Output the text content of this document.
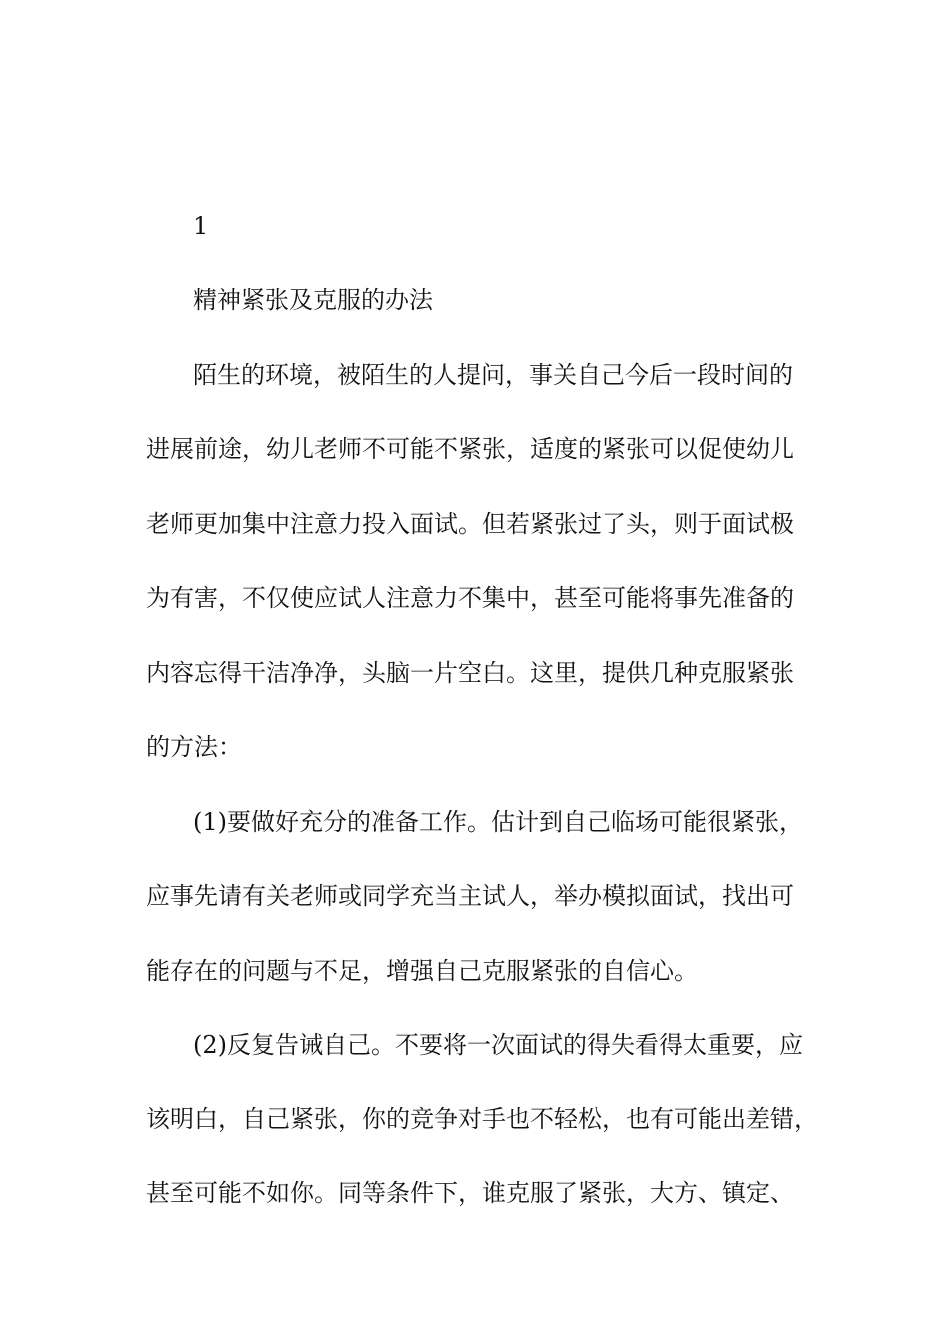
1
精神紧张及克服的办法
陌生的环境，被陌生的人提问，事关自己今后一段时间的
进展前途，幼儿老师不可能不紧张，适度的紧张可以促使幼儿
老师更加集中注意力投入面试。但若紧张过了头，则于面试极
为有害，不仅使应试人注意力不集中，甚至可能将事先准备的
内容忘得干洁净净，头脑一片空白。这里，提供几种克服紧张
的方法：
(1)要做好充分的准备工作。估计到自己临场可能很紧张，
应事先请有关老师或同学充当主试人，举办模拟面试，找出可
能存在的问题与不足，增强自己克服紧张的自信心。
(2)反复告诫自己。不要将一次面试的得失看得太重要，应
该明白，自己紧张，你的竞争对手也不轻松，也有可能出差错，
甚至可能不如你。同等条件下，谁克服了紧张，大方、镇定、
